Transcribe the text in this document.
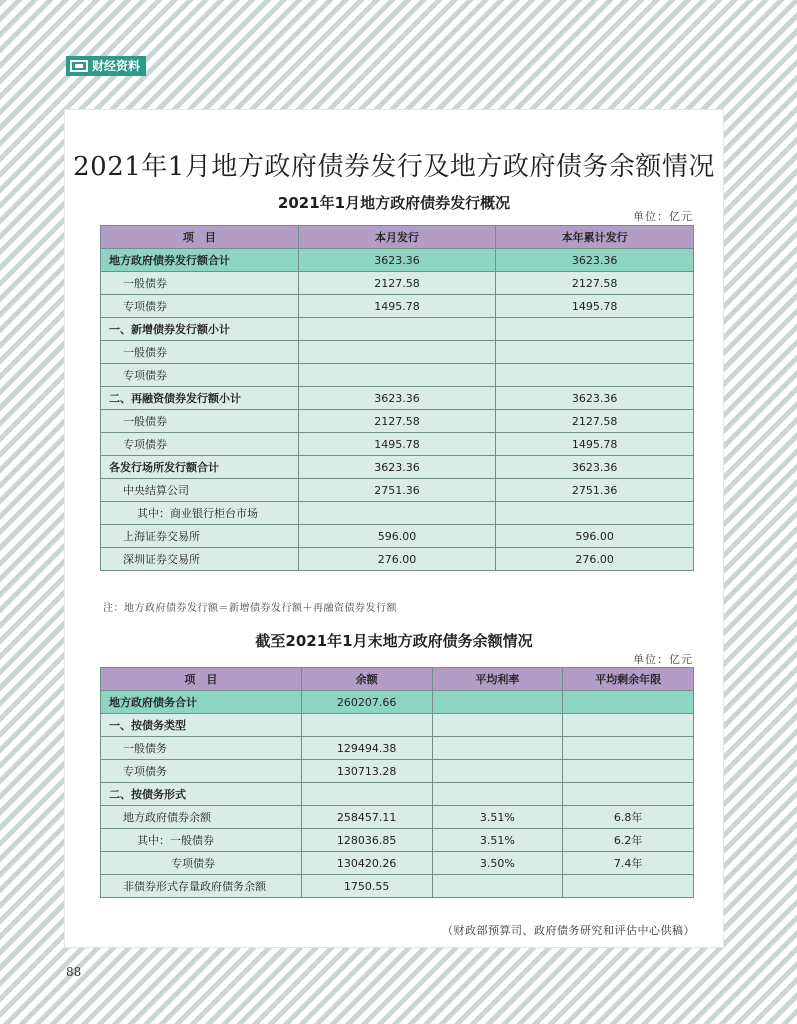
财经资料
2021年1月地方政府债券发行及地方政府债务余额情况
2021年1月地方政府债券发行概况
单位：亿元
项　目	本月发行	本年累计发行
地方政府债券发行额合计	3623.36	3623.36
一般债券	2127.58	2127.58
专项债券	1495.78	1495.78
一、新增债券发行额小计		
一般债券		
专项债券		
二、再融资债券发行额小计	3623.36	3623.36
一般债券	2127.58	2127.58
专项债券	1495.78	1495.78
各发行场所发行额合计	3623.36	3623.36
中央结算公司	2751.36	2751.36
其中：商业银行柜台市场		
上海证券交易所	596.00	596.00
深圳证券交易所	276.00	276.00
注：地方政府债券发行额＝新增债券发行额＋再融资债券发行额
截至2021年1月末地方政府债务余额情况
单位：亿元
项　目	余额	平均利率	平均剩余年限
地方政府债务合计	260207.66		
一、按债务类型			
一般债务	129494.38		
专项债务	130713.28		
二、按债务形式			
地方政府债券余额	258457.11	3.51%	6.8年
其中：一般债券	128036.85	3.51%	6.2年
专项债券	130420.26	3.50%	7.4年
非债券形式存量政府债务余额	1750.55		
（财政部预算司、政府债务研究和评估中心供稿）
88
